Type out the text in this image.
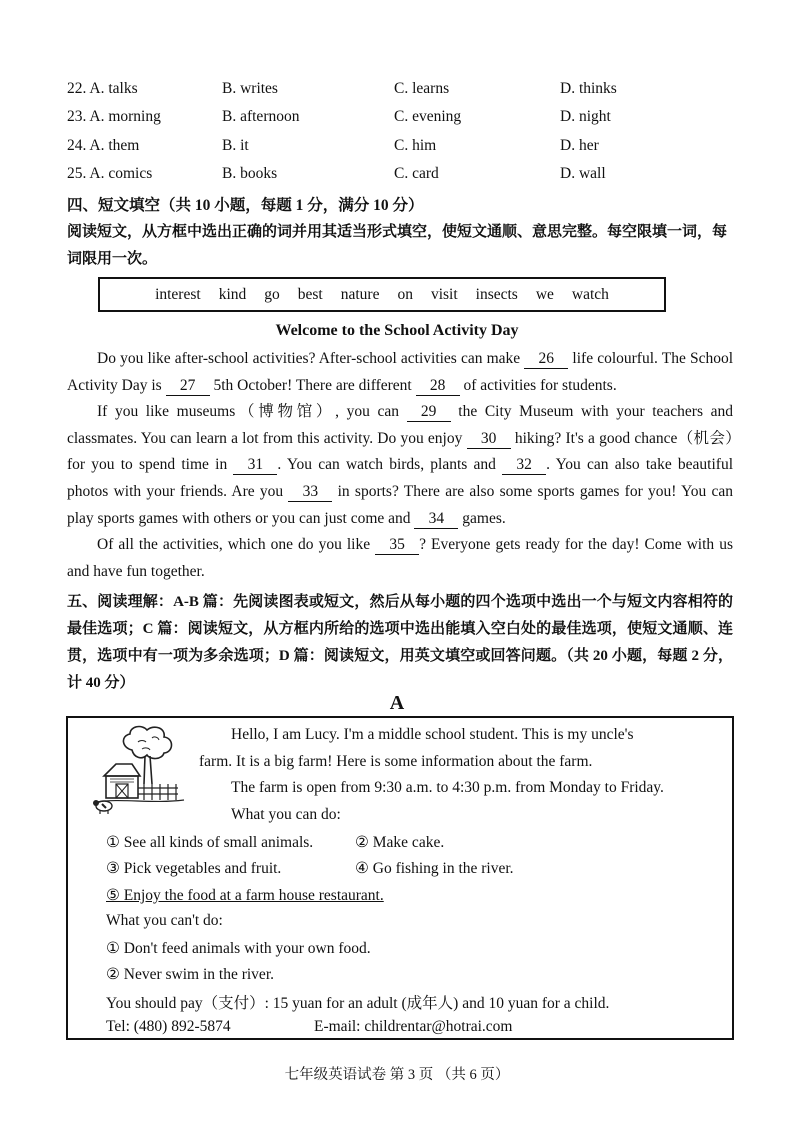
22. A. talks	B. writes	C. learns	D. thinks
23. A. morning	B. afternoon	C. evening	D. night
24. A. them	B. it	C. him	D. her
25. A. comics	B. books	C. card	D. wall
四、短文填空（共 10 小题，每题 1 分，满分 10 分）
阅读短文，从方框中选出正确的词并用其适当形式填空，使短文通顺、意思完整。每空限填一词，每词限用一次。
interest kind go best nature on visit insects we watch
Welcome to the School Activity Day

Do you like after-school activities? After-school activities can make 26 life colourful. The School Activity Day is 27 5th October! There are different 28 of activities for students.

If you like museums（博物馆）, you can 29 the City Museum with your teachers and classmates. You can learn a lot from this activity. Do you enjoy 30 hiking? It's a good chance（机会）for you to spend time in 31 . You can watch birds, plants and 32 . You can also take beautiful photos with your friends. Are you 33 in sports? There are also some sports games for you! You can play sports games with others or you can just come and 34 games.

Of all the activities, which one do you like 35 ? Everyone gets ready for the day! Come with us and have fun together.

五、阅读理解：A-B 篇：先阅读图表或短文，然后从每小题的四个选项中选出一个与短文内容相符的最佳选项；C 篇：阅读短文，从方框内所给的选项中选出能填入空白处的最佳选项，使短文通顺、连贯，选项中有一项为多余选项；D 篇：阅读短文，用英文填空或回答问题。（共 20 小题，每题 2 分，计 40 分）
A
Hello, I am Lucy. I'm a middle school student. This is my uncle's
farm. It is a big farm! Here is some information about the farm.
The farm is open from 9:30 a.m. to 4:30 p.m. from Monday to Friday.
What you can do:
① See all kinds of small animals.	② Make cake.
③ Pick vegetables and fruit.	④ Go fishing in the river.
⑤ Enjoy the food at a farm house restaurant.
What you can't do:
① Don't feed animals with your own food.
② Never swim in the river.
You should pay（支付）: 15 yuan for an adult (成年人) and 10 yuan for a child.
Tel: (480) 892-5874	E-mail: childrentar@hotrai.com
七年级英语试卷 第 3 页 （共 6 页）
